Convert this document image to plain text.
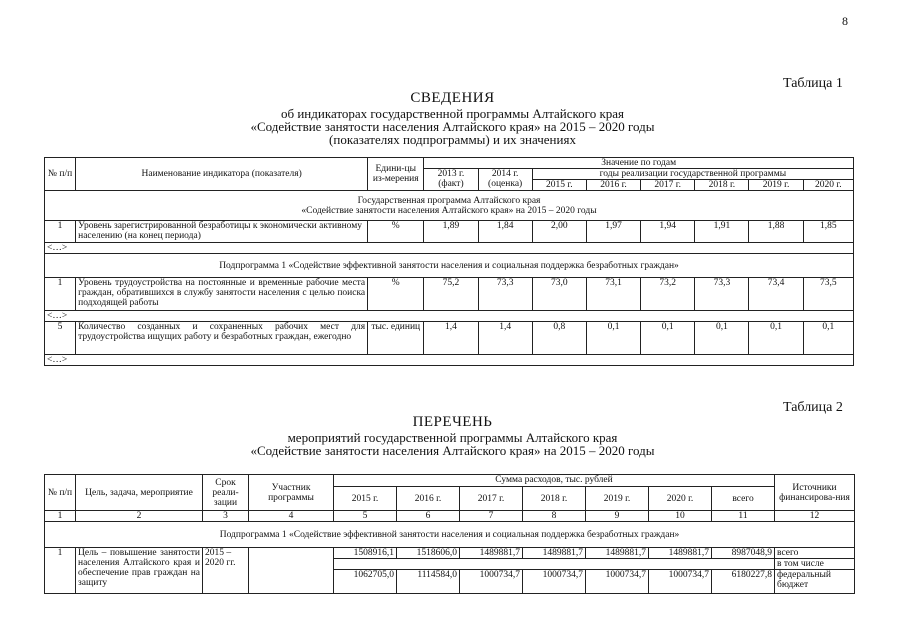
8
Таблица 1
СВЕДЕНИЯ
об индикаторах государственной программы Алтайского края
«Содействие занятости населения Алтайского края» на 2015 – 2020 годы
(показателях подпрограммы) и их значениях
№ п/п	Наименование индикатора (показателя)	Едини-цы из-мерения	Значение по годам							
			2013 г. (факт)	2014 г. (оценка)	годы реализации государственной программы					
					2015 г.	2016 г.	2017 г.	2018 г.	2019 г.	2020 г.

Государственная программа Алтайского края
«Содействие занятости населения Алтайского края» на 2015 – 2020 годы										

1	Уровень зарегистрированной безработицы к экономически активному населению (на конец периода)	%	1,89	1,84	2,00	1,97	1,94	1,91	1,88	1,85
<…>										
Подпрограмма 1 «Содействие эффективной занятости населения и социальная поддержка безработных граждан»										
1	Уровень трудоустройства на постоянные и временные рабочие места граждан, обратившихся в службу занятости населения с целью поиска подходящей работы	%	75,2	73,3	73,0	73,1	73,2	73,3	73,4	73,5
<…>										
5	Количество созданных и сохраненных рабочих мест для трудоустройства ищущих работу и безработных граждан, ежегодно	тыс. единиц	1,4	1,4	0,8	0,1	0,1	0,1	0,1	0,1
<…>										
Таблица 2
ПЕРЕЧЕНЬ
мероприятий государственной программы Алтайского края
«Содействие занятости населения Алтайского края» на 2015 – 2020 годы
№ п/п	Цель, задача, мероприятие	Срок реали-зации	Участник программы	Сумма расходов, тыс. рублей							Источники финансирова-ния
				2015 г.	2016 г.	2017 г.	2018 г.	2019 г.	2020 г.	всего	
1	2	3	4	5	6	7	8	9	10	11	12
Подпрограмма 1 «Содействие эффективной занятости населения и социальная поддержка безработных граждан»											
1	Цель – повышение занятости населения Алтайского края и обеспечение прав граждан на защиту	2015 – 2020 гг.		1508916,1	1518606,0	1489881,7	1489881,7	1489881,7	1489881,7	8987048,9	всего
											в том числе
				1062705,0	1114584,0	1000734,7	1000734,7	1000734,7	1000734,7	6180227,8	федеральный бюджет
